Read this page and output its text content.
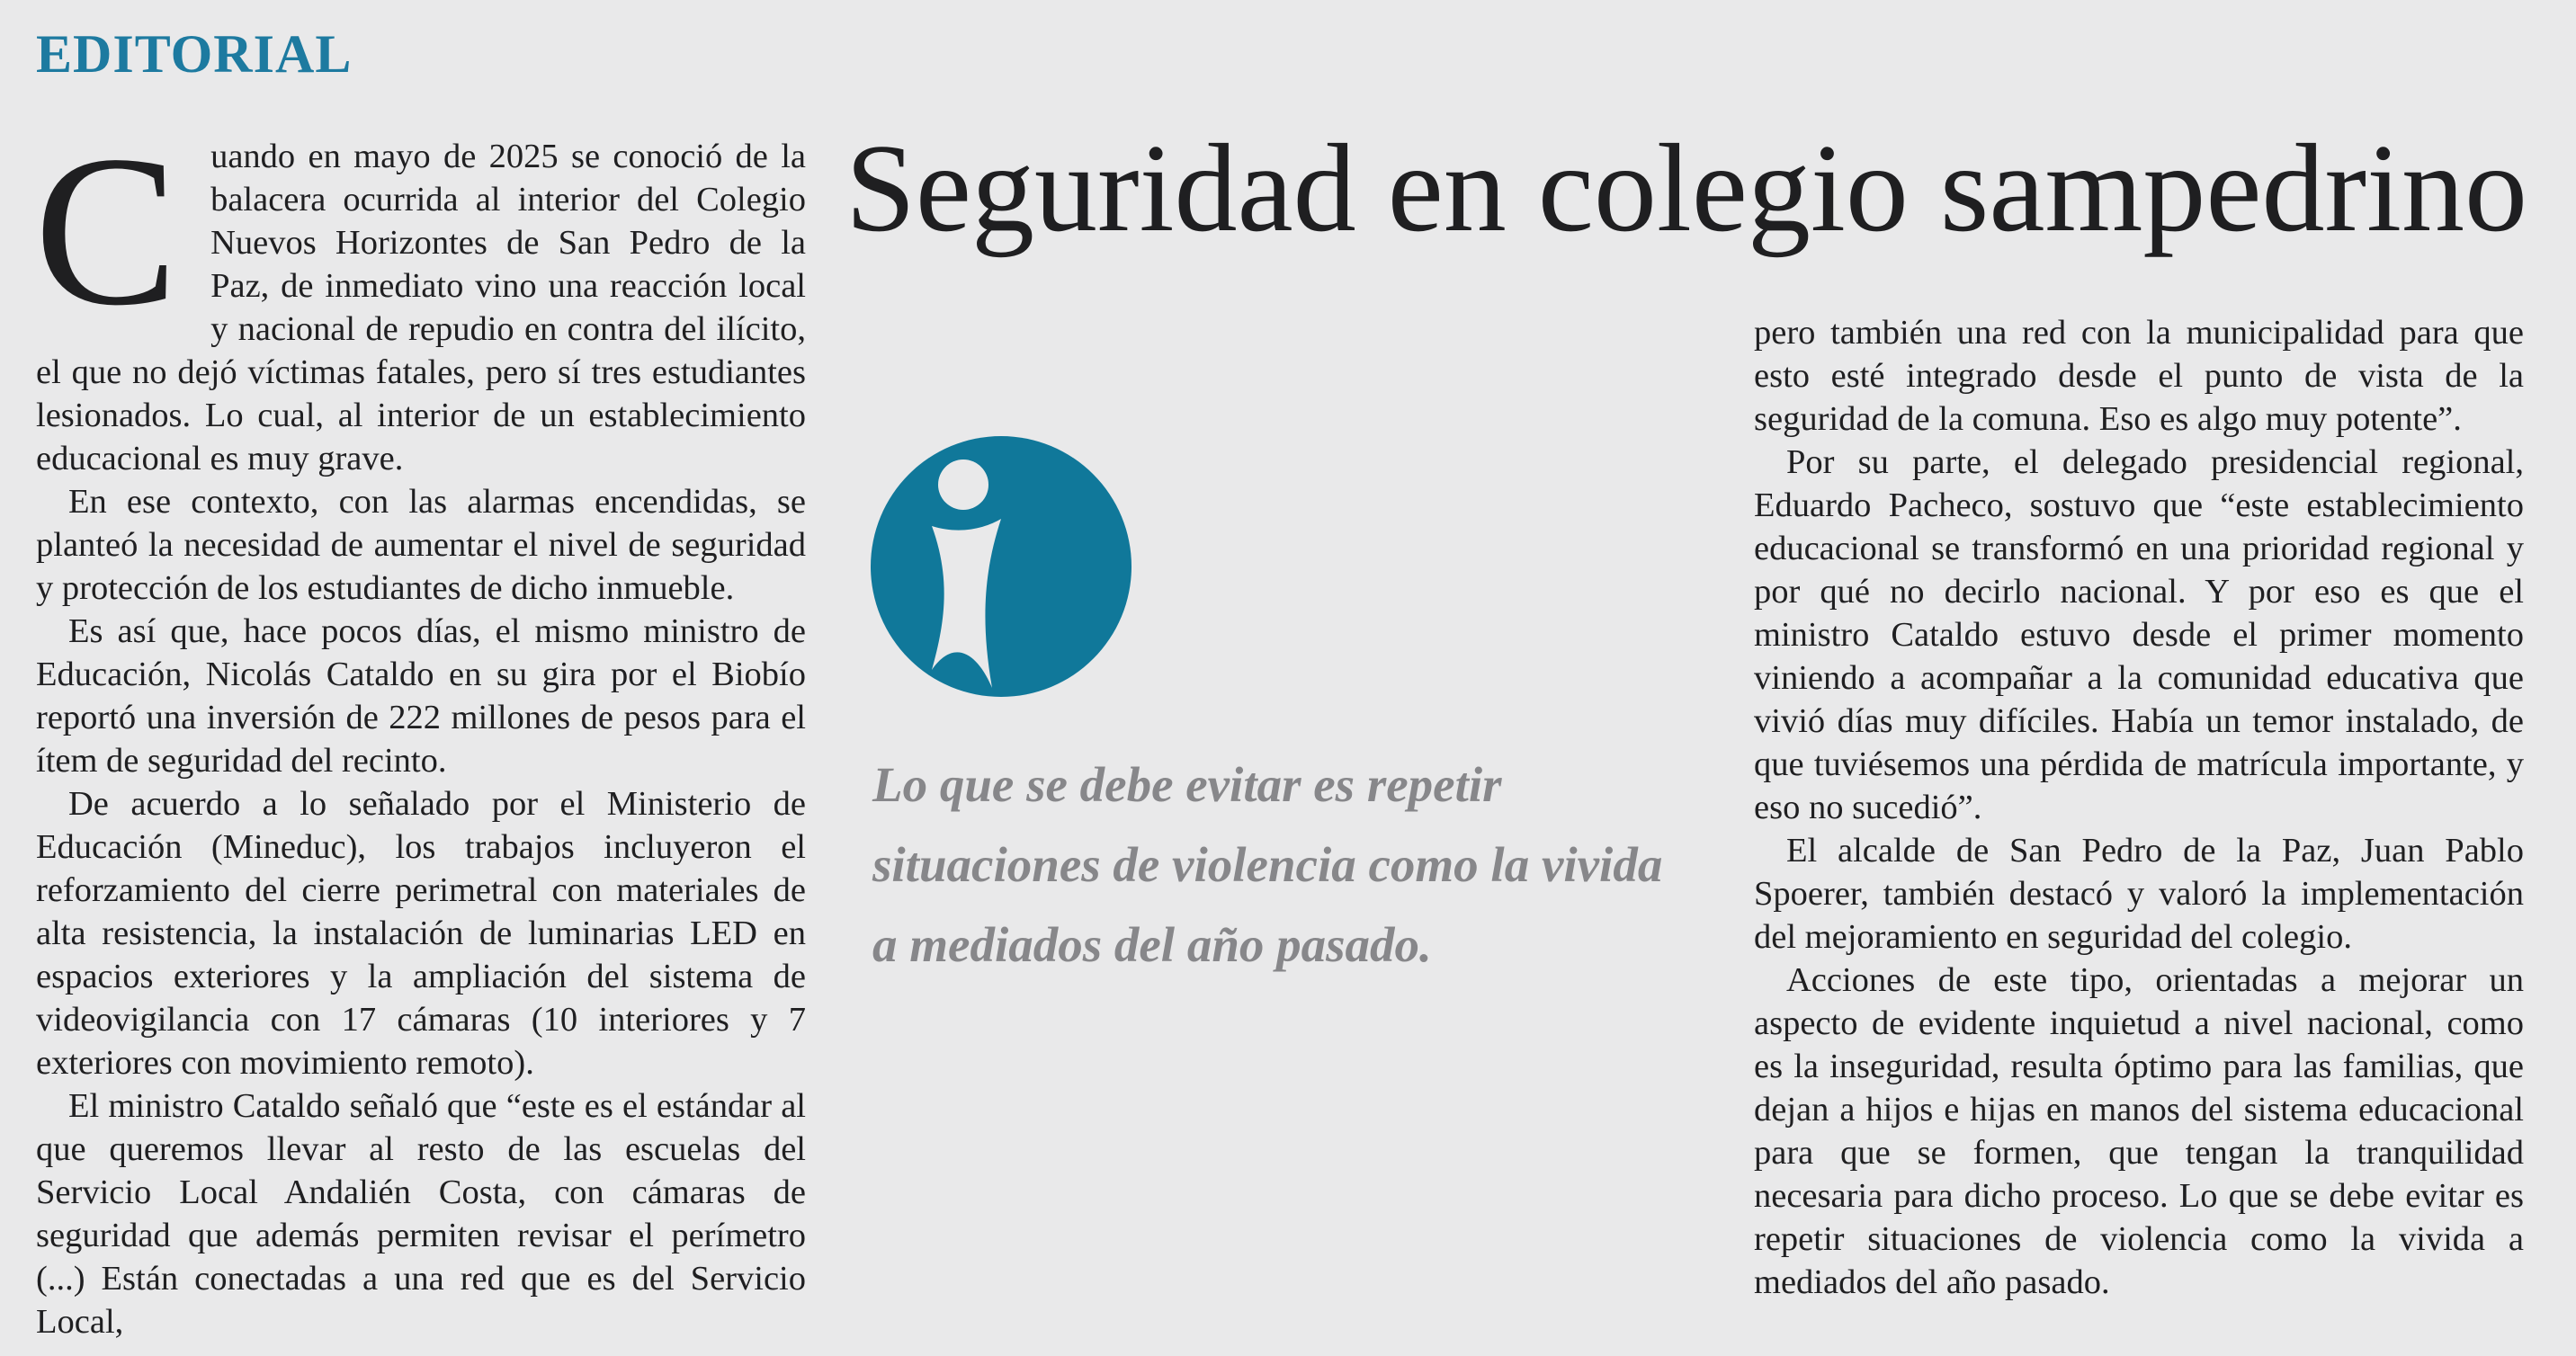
EDITORIAL
Seguridad en colegio sampedrino
C uando en mayo de 2025 se conoció de la balacera ocurrida al interior del Colegio Nuevos Horizontes de San Pedro de la Paz, de inmediato vino una reacción local y nacional de repudio en contra del ilícito, el que no dejó víctimas fatales, pero sí tres estudiantes lesionados. Lo cual, al interior de un establecimiento educacional es muy grave.

En ese contexto, con las alarmas encendidas, se planteó la necesidad de aumentar el nivel de seguridad y protección de los estudiantes de dicho inmueble.

Es así que, hace pocos días, el mismo ministro de Educación, Nicolás Cataldo en su gira por el Biobío reportó una inversión de 222 millones de pesos para el ítem de seguridad del recinto.

De acuerdo a lo señalado por el Ministerio de Educación (Mineduc), los trabajos incluyeron el reforzamiento del cierre perimetral con materiales de alta resistencia, la instalación de luminarias LED en espacios exteriores y la ampliación del sistema de videovigilancia con 17 cámaras (10 interiores y 7 exteriores con movimiento remoto).

El ministro Cataldo señaló que “este es el estándar al que queremos llevar al resto de las escuelas del Servicio Local Andalién Costa, con cámaras de seguridad que además permiten revisar el perímetro (...) Están conectadas a una red que es del Servicio Local,

Lo que se debe evitar es repetir situaciones de violencia como la vivida a mediados del año pasado.

pero también una red con la municipalidad para que esto esté integrado desde el punto de vista de la seguridad de la comuna. Eso es algo muy potente”.

Por su parte, el delegado presidencial regional, Eduardo Pacheco, sostuvo que “este establecimiento educacional se transformó en una prioridad regional y por qué no decirlo nacional. Y por eso es que el ministro Cataldo estuvo desde el primer momento viniendo a acompañar a la comunidad educativa que vivió días muy difíciles. Había un temor instalado, de que tuviésemos una pérdida de matrícula importante, y eso no sucedió”.

El alcalde de San Pedro de la Paz, Juan Pablo Spoerer, también destacó y valoró la implementación del mejoramiento en seguridad del colegio.

Acciones de este tipo, orientadas a mejorar un aspecto de evidente inquietud a nivel nacional, como es la inseguridad, resulta óptimo para las familias, que dejan a hijos e hijas en manos del sistema educacional para que se formen, que tengan la tranquilidad necesaria para dicho proceso. Lo que se debe evitar es repetir situaciones de violencia como la vivida a mediados del año pasado.
